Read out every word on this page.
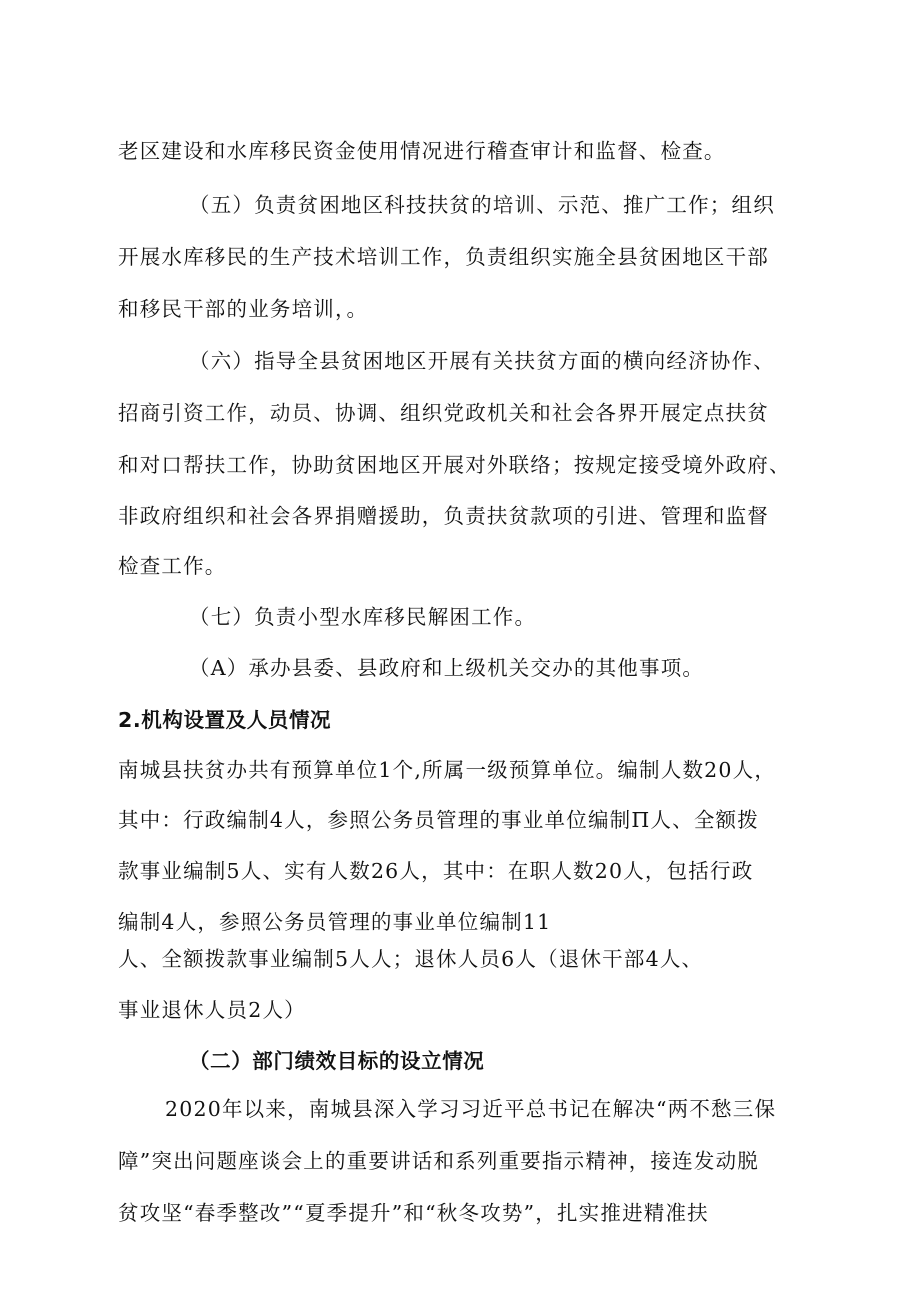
老区建设和水库移民资金使用情况进行稽查审计和监督、检查。

（五）负责贫困地区科技扶贫的培训、示范、推广工作；组织

开展水库移民的生产技术培训工作，负责组织实施全县贫困地区干部

和移民干部的业务培训，。

（六）指导全县贫困地区开展有关扶贫方面的横向经济协作、

招商引资工作，动员、协调、组织党政机关和社会各界开展定点扶贫

和对口帮扶工作，协助贫困地区开展对外联络；按规定接受境外政府、

非政府组织和社会各界捐赠援助，负责扶贫款项的引进、管理和监督

检查工作。

（七）负责小型水库移民解困工作。

（A）承办县委、县政府和上级机关交办的其他事项。

2.机构设置及人员情况

南城县扶贫办共有预算单位1个,所属一级预算单位。编制人数20人，

其中：行政编制4人，参照公务员管理的事业单位编制Π人、全额拨

款事业编制5人、实有人数26人，其中：在职人数20人，包括行政

编制4人，参照公务员管理的事业单位编制11

人、全额拨款事业编制5人人；退休人员6人（退休干部4人、

事业退休人员2人）

（二）部门绩效目标的设立情况

2020年以来，南城县深入学习习近平总书记在解决“两不愁三保

障”突出问题座谈会上的重要讲话和系列重要指示精神，接连发动脱

贫攻坚“春季整改”“夏季提升”和“秋冬攻势”，扎实推进精准扶
